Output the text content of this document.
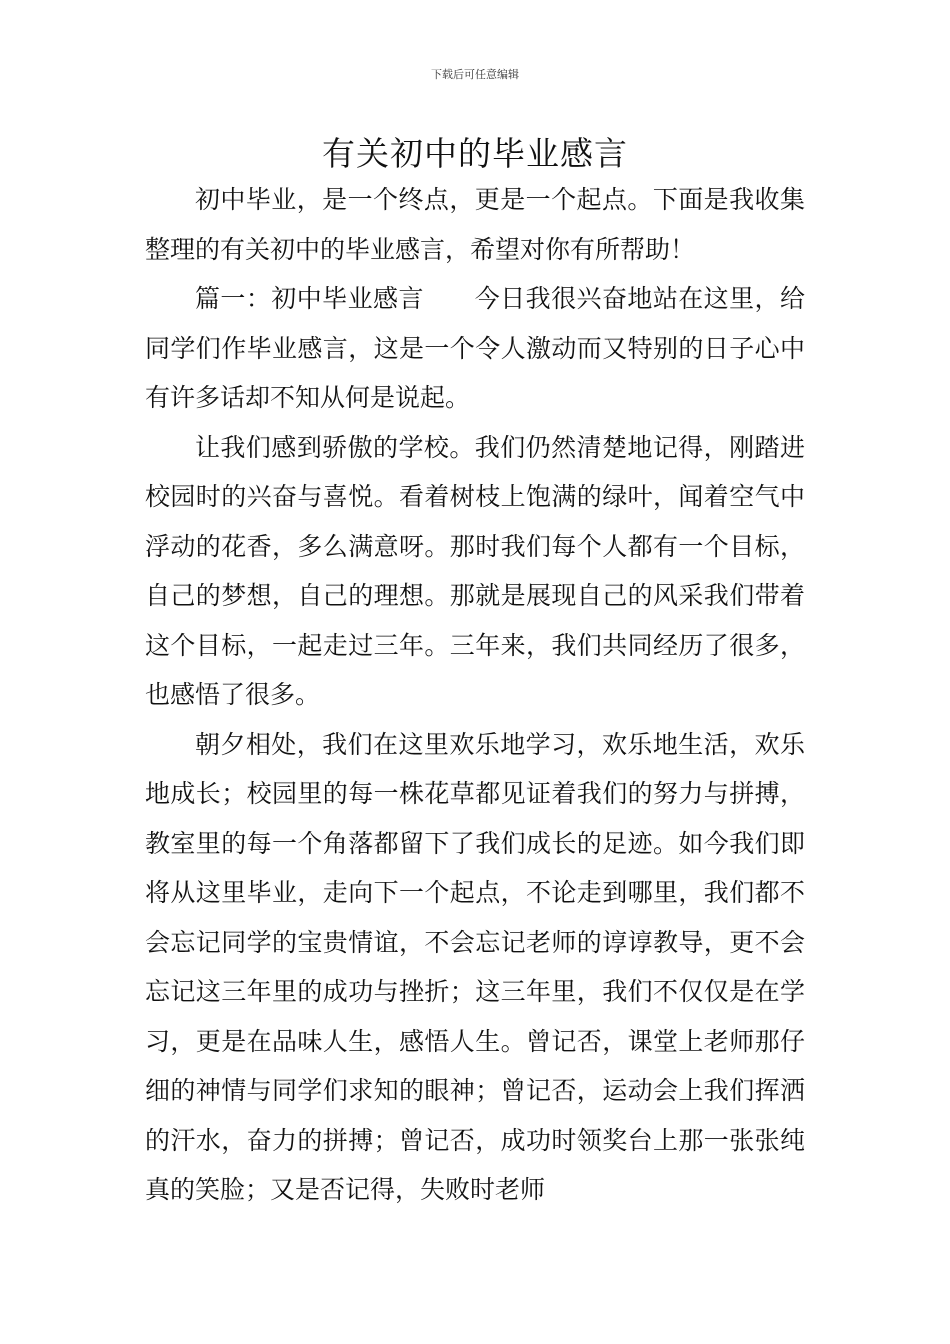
下载后可任意编辑
有关初中的毕业感言

初中毕业，是一个终点，更是一个起点。下面是我收集整理的有关初中的毕业感言，希望对你有所帮助！

篇一：初中毕业感言　　今日我很兴奋地站在这里，给同学们作毕业感言，这是一个令人激动而又特别的日子心中有许多话却不知从何是说起。

让我们感到骄傲的学校。我们仍然清楚地记得，刚踏进校园时的兴奋与喜悦。看着树枝上饱满的绿叶，闻着空气中浮动的花香，多么满意呀。那时我们每个人都有一个目标，自己的梦想，自己的理想。那就是展现自己的风采我们带着这个目标，一起走过三年。三年来，我们共同经历了很多，也感悟了很多。

朝夕相处，我们在这里欢乐地学习，欢乐地生活，欢乐地成长；校园里的每一株花草都见证着我们的努力与拼搏，教室里的每一个角落都留下了我们成长的足迹。如今我们即将从这里毕业，走向下一个起点，不论走到哪里，我们都不会忘记同学的宝贵情谊，不会忘记老师的谆谆教导，更不会忘记这三年里的成功与挫折；这三年里，我们不仅仅是在学习，更是在品味人生，感悟人生。曾记否，课堂上老师那仔细的神情与同学们求知的眼神；曾记否，运动会上我们挥洒的汗水，奋力的拼搏；曾记否，成功时领奖台上那一张张纯真的笑脸；又是否记得，失败时老师
